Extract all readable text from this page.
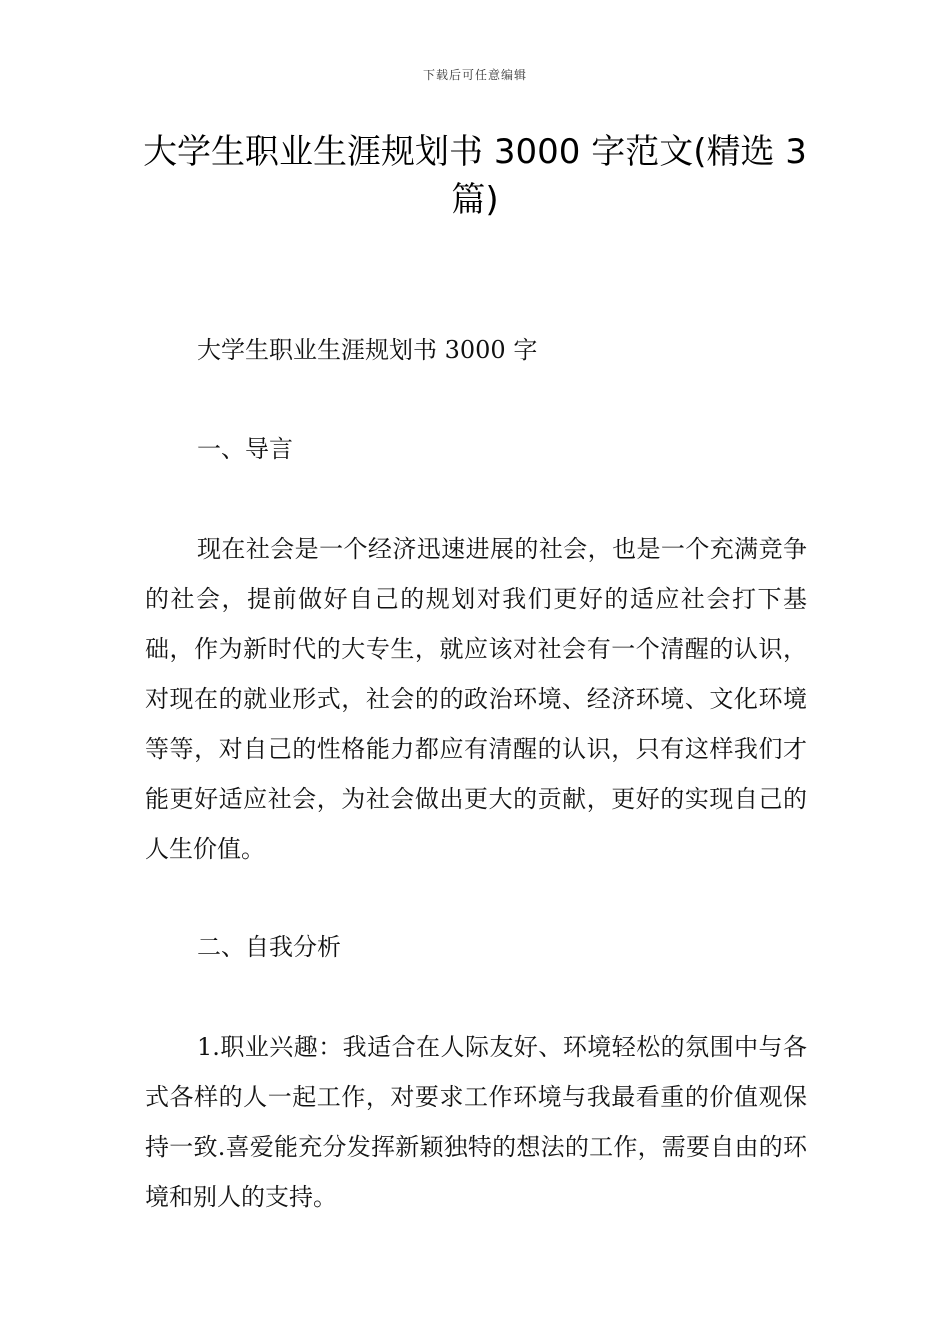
下载后可任意编辑
大学生职业生涯规划书 3000 字范文(精选 3
篇)

大学生职业生涯规划书 3000 字

一、导言

现在社会是一个经济迅速进展的社会，也是一个充满竞争的社会，提前做好自己的规划对我们更好的适应社会打下基础，作为新时代的大专生，就应该对社会有一个清醒的认识，对现在的就业形式，社会的的政治环境、经济环境、文化环境等等，对自己的性格能力都应有清醒的认识，只有这样我们才能更好适应社会，为社会做出更大的贡献，更好的实现自己的人生价值。

二、自我分析

1.职业兴趣：我适合在人际友好、环境轻松的氛围中与各式各样的人一起工作，对要求工作环境与我最看重的价值观保持一致.喜爱能充分发挥新颖独特的想法的工作，需要自由的环境和别人的支持。
